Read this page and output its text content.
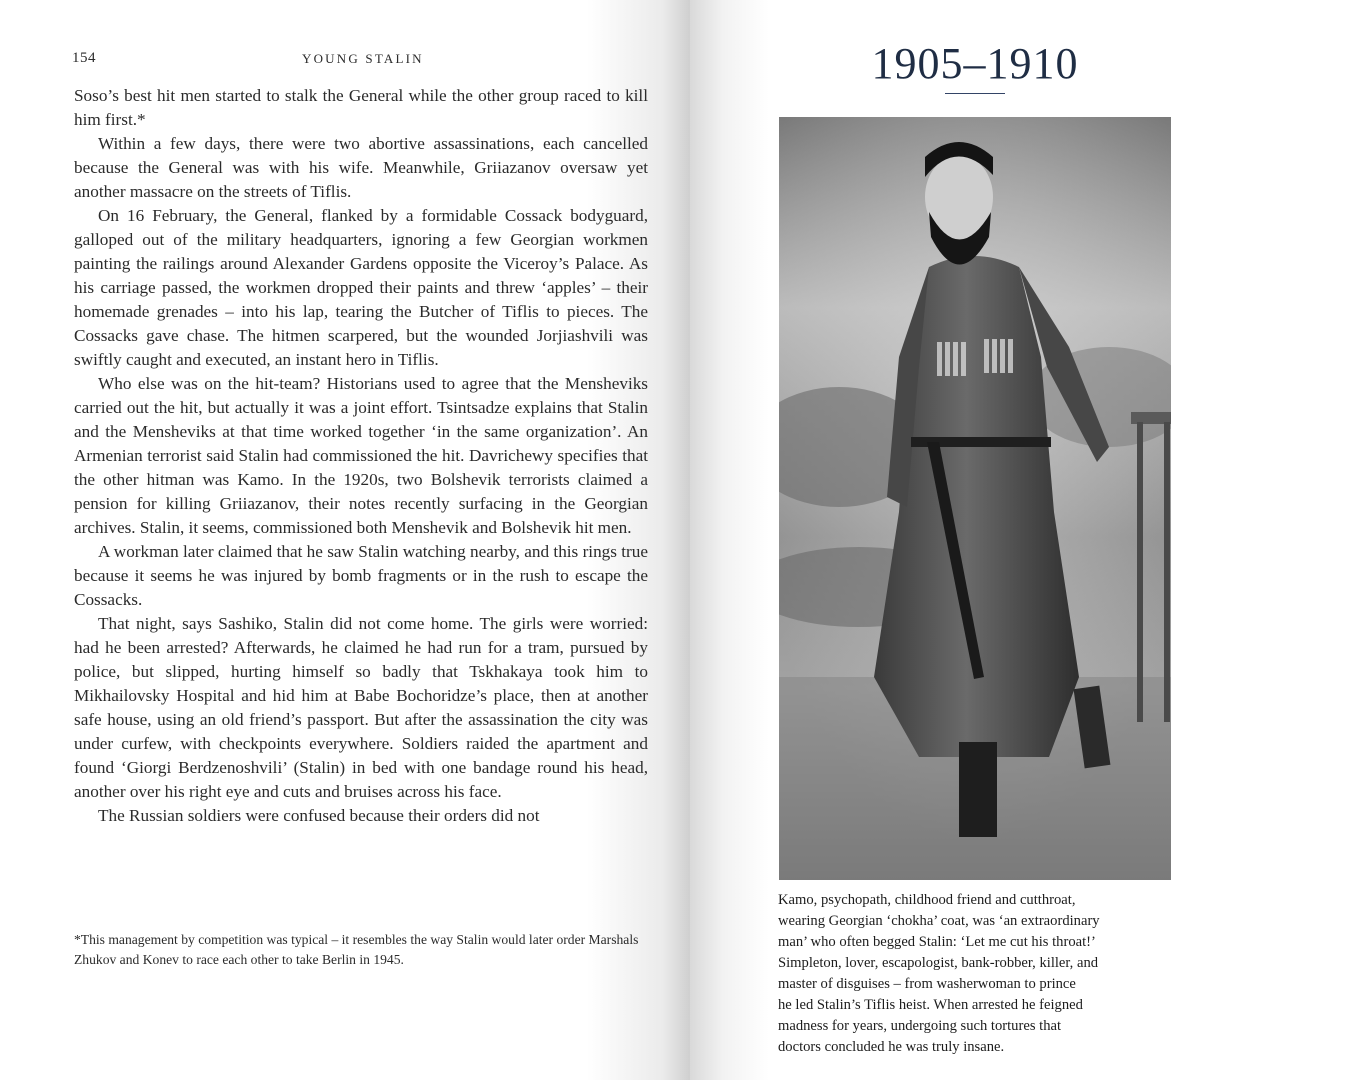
154	YOUNG STALIN

Soso’s best hit men started to stalk the General while the other group raced to kill him first.*

Within a few days, there were two abortive assassinations, each cancelled because the General was with his wife. Meanwhile, Griiazanov oversaw yet another massacre on the streets of Tiflis.

On 16 February, the General, flanked by a formidable Cossack bodyguard, galloped out of the military headquarters, ignoring a few Georgian workmen painting the railings around Alexander Gardens opposite the Viceroy’s Palace. As his carriage passed, the workmen dropped their paints and threw ‘apples’ – their homemade grenades – into his lap, tearing the Butcher of Tiflis to pieces. The Cossacks gave chase. The hitmen scarpered, but the wounded Jorjiashvili was swiftly caught and executed, an instant hero in Tiflis.

Who else was on the hit-team? Historians used to agree that the Mensheviks carried out the hit, but actually it was a joint effort. Tsintsadze explains that Stalin and the Mensheviks at that time worked together ‘in the same organization’. An Armenian terrorist said Stalin had commissioned the hit. Davrichewy specifies that the other hitman was Kamo. In the 1920s, two Bolshevik terrorists claimed a pension for killing Griiazanov, their notes recently surfacing in the Georgian archives. Stalin, it seems, commissioned both Menshevik and Bolshevik hit men.

A workman later claimed that he saw Stalin watching nearby, and this rings true because it seems he was injured by bomb fragments or in the rush to escape the Cossacks.

That night, says Sashiko, Stalin did not come home. The girls were worried: had he been arrested? Afterwards, he claimed he had run for a tram, pursued by police, but slipped, hurting himself so badly that Tskhakaya took him to Mikhailovsky Hospital and hid him at Babe Bochoridze’s place, then at another safe house, using an old friend’s passport. But after the assassination the city was under curfew, with checkpoints everywhere. Soldiers raided the apartment and found ‘Giorgi Berdzenoshvili’ (Stalin) in bed with one bandage round his head, another over his right eye and cuts and bruises across his face.

The Russian soldiers were confused because their orders did not

*This management by competition was typical – it resembles the way Stalin would later order Marshals Zhukov and Konev to race each other to take Berlin in 1945.
1905–1910
Kamo, psychopath, childhood friend and cutthroat,
wearing Georgian ‘chokha’ coat, was ‘an extraordinary
man’ who often begged Stalin: ‘Let me cut his throat!’
Simpleton, lover, escapologist, bank-robber, killer, and
master of disguises – from washerwoman to prince
he led Stalin’s Tiflis heist. When arrested he feigned
madness for years, undergoing such tortures that
doctors concluded he was truly insane.
